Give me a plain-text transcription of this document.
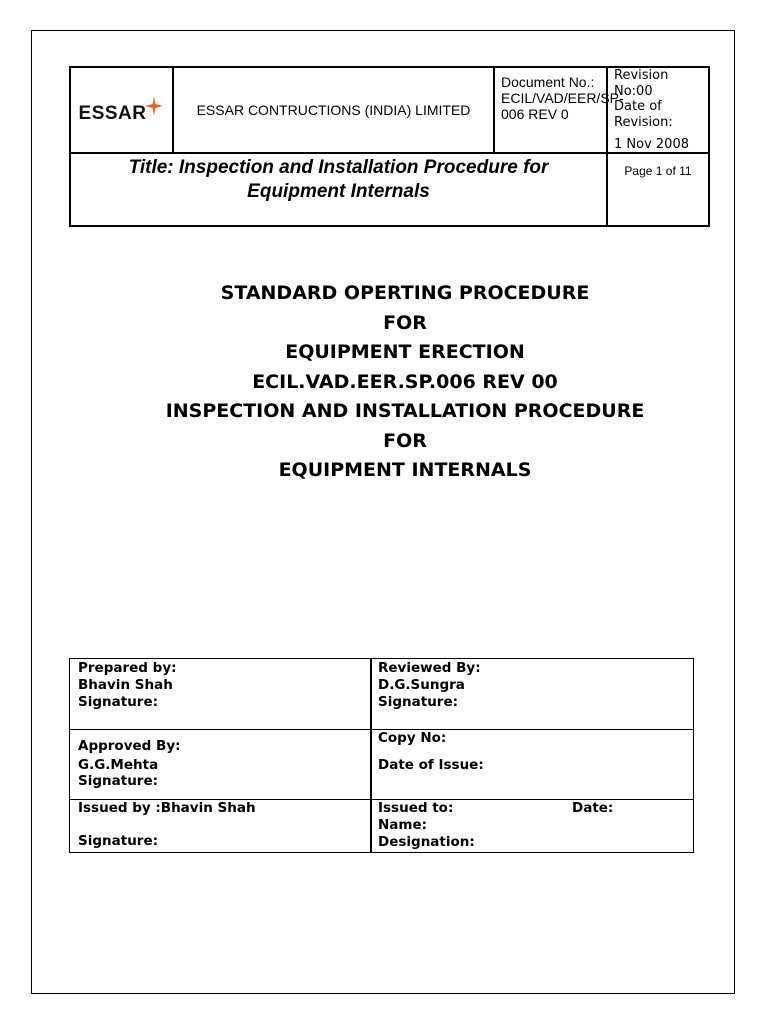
ESSAR	ESSAR CONTRUCTIONS (INDIA) LIMITED
Document No.:
ECIL/VAD/EER/SP-006 REV 0
Revision No:00
Date of Revision:
1 Nov 2008
Title: Inspection and Installation Procedure for Equipment Internals
Page 1 of 11
STANDARD OPERTING PROCEDURE
FOR
EQUIPMENT ERECTION
ECIL.VAD.EER.SP.006 REV 00
INSPECTION AND INSTALLATION PROCEDURE
FOR
EQUIPMENT INTERNALS
Prepared by:
Bhavin Shah
Signature:
Reviewed By:
D.G.Sungra
Signature:
Approved By:
G.G.Mehta
Signature:
Copy No:
Date of Issue:
Issued by :Bhavin Shah
Signature:
Issued to:	Date:
Name:
Designation:
